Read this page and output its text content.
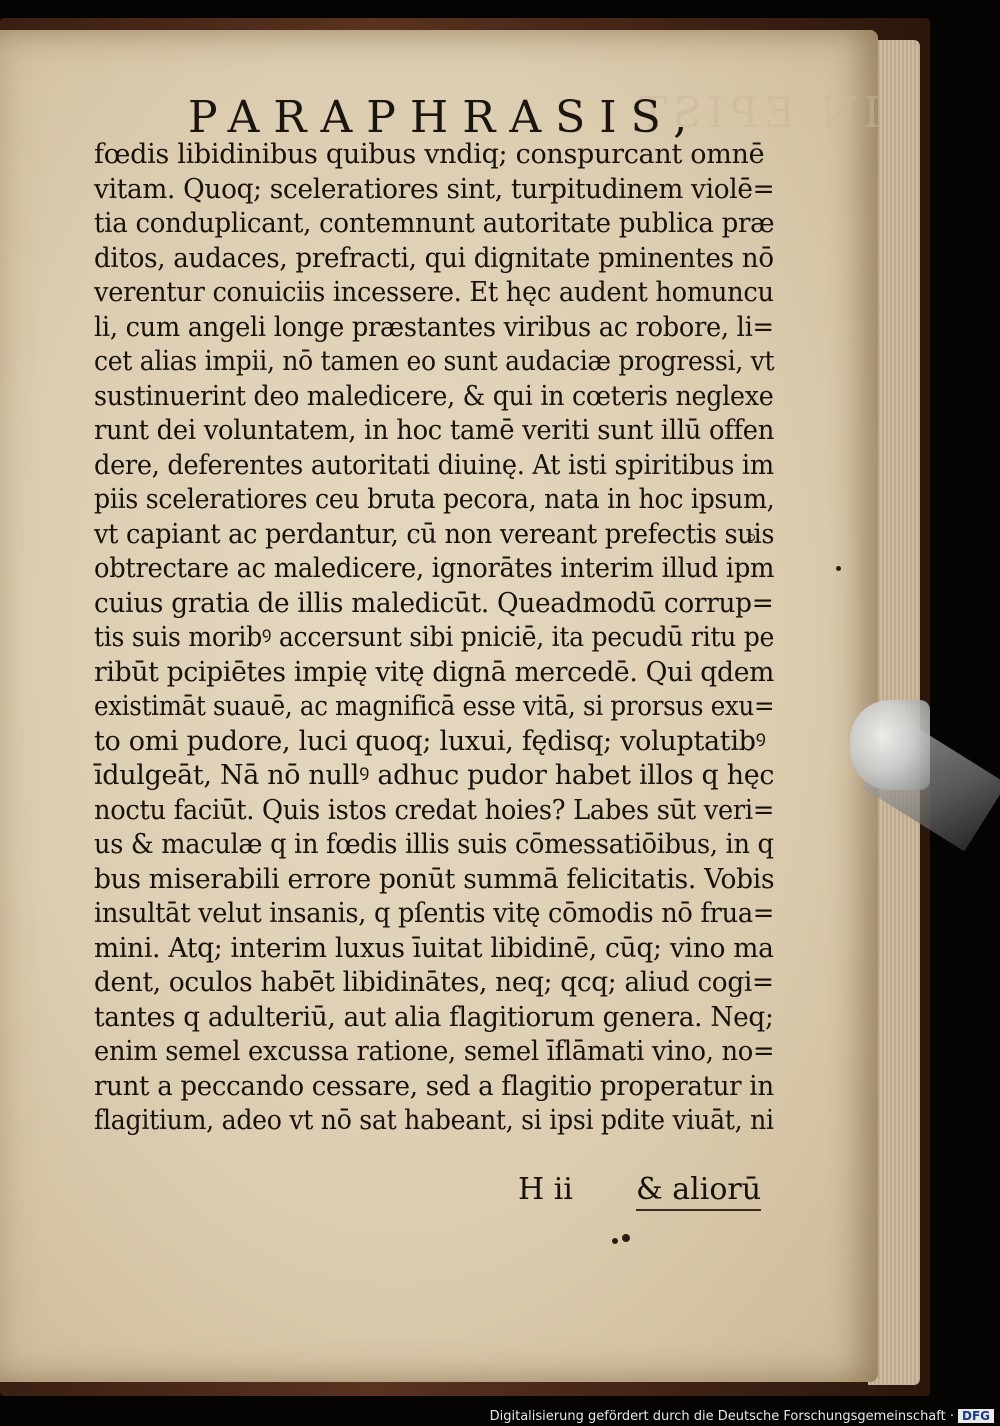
IN EPIST
PARAPHRASIS,
fœdis libidinibus quibus vndiq; conspurcant omnē
vitam. Quoq; sceleratiores sint, turpitudinem violē=
tia conduplicant, contemnunt autoritate publica præ
ditos, audaces, prefracti, qui dignitate pminentes nō
verentur conuiciis incessere. Et hęc audent homuncu
li, cum angeli longe præstantes viribus ac robore, li=
cet alias impii, nō tamen eo sunt audaciæ progressi, vt
sustinuerint deo maledicere, & qui in cœteris neglexe
runt dei voluntatem, in hoc tamē veriti sunt illū offen
dere, deferentes autoritati diuinę. At isti spiritibus im
piis sceleratiores ceu bruta pecora, nata in hoc ipsum,
vt capiant ac perdantur, cū non vereant prefectis suis
obtrectare ac maledicere, ignorātes interim illud ipm
cuius gratia de illis maledicūt. Queadmodū corrup=
tis suis moribꝰ accersunt sibi pniciē, ita pecudū ritu pe
ribūt pcipiētes impię vitę dignā mercedē. Qui qdem
existimāt suauē, ac magnificā esse vitā, si prorsus exu=
to omi pudore, luci quoq; luxui, fędisq; voluptatibꝰ
īdulgeāt, Nā nō nullꝰ adhuc pudor habet illos q hęc
noctu faciūt. Quis istos credat hoies? Labes sūt veri=
us & maculæ q in fœdis illis suis cōmessatiōibus, in q
bus miserabili errore ponūt summā felicitatis. Vobis
insultāt velut insanis, q pſentis vitę cōmodis nō frua=
mini. Atq; interim luxus īuitat libidinē, cūq; vino ma
dent, oculos habēt libidinātes, neq; qcq; aliud cogi=
tantes q adulteriū, aut alia flagitiorum genera. Neq;
enim semel excussa ratione, semel īflāmati vino, no=
runt a peccando cessare, sed a flagitio properatur in
flagitium, adeo vt nō sat habeant, si ipsi pdite viuāt, ni
H ii & aliorū
Digitalisierung gefördert durch die Deutsche Forschungsgemeinschaft · DFG
